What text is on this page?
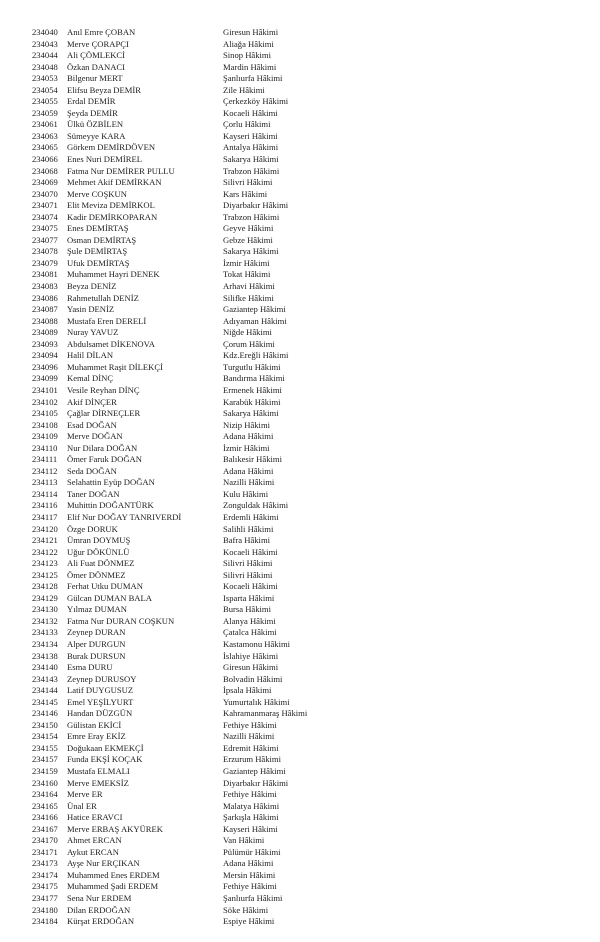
234040	Anıl Emre ÇOBAN	Giresun Hâkimi
234043	Merve ÇORAPÇI	Aliağa Hâkimi
234044	Ali ÇÖMLEKCİ	Sinop Hâkimi
234048	Özkan DANACI	Mardin Hâkimi
234053	Bilgenur MERT	Şanlıurfa Hâkimi
234054	Elifsu Beyza DEMİR	Zile Hâkimi
234055	Erdal DEMİR	Çerkezköy Hâkimi
234059	Şeyda DEMİR	Kocaeli Hâkimi
234061	Ülkü ÖZBİLEN	Çorlu Hâkimi
234063	Sümeyye KARA	Kayseri Hâkimi
234065	Görkem DEMİRDÖVEN	Antalya Hâkimi
234066	Enes Nuri DEMİREL	Sakarya Hâkimi
234068	Fatma Nur DEMİRER PULLU	Trabzon Hâkimi
234069	Mehmet Akif DEMİRKAN	Silivri Hâkimi
234070	Merve COŞKUN	Kars Hâkimi
234071	Elit Meviza DEMİRKOL	Diyarbakır Hâkimi
234074	Kadir DEMİRKOPARAN	Trabzon Hâkimi
234075	Enes DEMİRTAŞ	Geyve Hâkimi
234077	Osman DEMİRTAŞ	Gebze Hâkimi
234078	Şule DEMİRTAŞ	Sakarya Hâkimi
234079	Ufuk DEMİRTAŞ	İzmir Hâkimi
234081	Muhammet Hayri DENEK	Tokat Hâkimi
234083	Beyza DENİZ	Arhavi Hâkimi
234086	Rahmetullah DENİZ	Silifke Hâkimi
234087	Yasin DENİZ	Gaziantep Hâkimi
234088	Mustafa Eren DERELİ	Adıyaman Hâkimi
234089	Nuray YAVUZ	Niğde Hâkimi
234093	Abdulsamet DİKENOVA	Çorum Hâkimi
234094	Halil DİLAN	Kdz.Ereğli Hâkimi
234096	Muhammet Raşit DİLEKÇİ	Turgutlu Hâkimi
234099	Kemal DİNÇ	Bandırma Hâkimi
234101	Vesile Reyhan DİNÇ	Ermenek Hâkimi
234102	Akif DİNÇER	Karabük Hâkimi
234105	Çağlar DİRNEÇLER	Sakarya Hâkimi
234108	Esad DOĞAN	Nizip Hâkimi
234109	Merve DOĞAN	Adana Hâkimi
234110	Nur Dilara DOĞAN	İzmir Hâkimi
234111	Ömer Faruk DOĞAN	Balıkesir Hâkimi
234112	Seda DOĞAN	Adana Hâkimi
234113	Selahattin Eyüp DOĞAN	Nazilli Hâkimi
234114	Taner DOĞAN	Kulu Hâkimi
234116	Muhittin DOĞANTÜRK	Zonguldak Hâkimi
234117	Elif Nur DOĞAY TANRIVERDİ	Erdemli Hâkimi
234120	Özge DORUK	Salihli Hâkimi
234121	Ümran DOYMUŞ	Bafra Hâkimi
234122	Uğur DÖKÜNLÜ	Kocaeli Hâkimi
234123	Ali Fuat DÖNMEZ	Silivri Hâkimi
234125	Ömer DÖNMEZ	Silivri Hâkimi
234128	Ferhat Utku DUMAN	Kocaeli Hâkimi
234129	Gülcan DUMAN BALA	Isparta Hâkimi
234130	Yılmaz DUMAN	Bursa Hâkimi
234132	Fatma Nur DURAN COŞKUN	Alanya Hâkimi
234133	Zeynep DURAN	Çatalca Hâkimi
234134	Alper DURGUN	Kastamonu Hâkimi
234138	Burak DURSUN	İslahiye Hâkimi
234140	Esma DURU	Giresun Hâkimi
234143	Zeynep DURUSOY	Bolvadin Hâkimi
234144	Latif DUYGUSUZ	İpsala Hâkimi
234145	Emel YEŞİLYURT	Yumurtalık Hâkimi
234146	Handan DÜZGÜN	Kahramanmaraş Hâkimi
234150	Gülistan EKİCİ	Fethiye Hâkimi
234154	Emre Eray EKİZ	Nazilli Hâkimi
234155	Doğukaan EKMEKÇİ	Edremit Hâkimi
234157	Funda EKŞİ KOÇAK	Erzurum Hâkimi
234159	Mustafa ELMALI	Gaziantep Hâkimi
234160	Merve EMEKSİZ	Diyarbakır Hâkimi
234164	Merve ER	Fethiye Hâkimi
234165	Ünal ER	Malatya Hâkimi
234166	Hatice ERAVCI	Şarkışla Hâkimi
234167	Merve ERBAŞ AKYÜREK	Kayseri Hâkimi
234170	Ahmet ERCAN	Van Hâkimi
234171	Aykut ERCAN	Pülümür Hâkimi
234173	Ayşe Nur ERÇIKAN	Adana Hâkimi
234174	Muhammed Enes ERDEM	Mersin Hâkimi
234175	Muhammed Şadi ERDEM	Fethiye Hâkimi
234177	Sena Nur ERDEM	Şanlıurfa Hâkimi
234180	Dilan ERDOĞAN	Söke Hâkimi
234184	Kürşat ERDOĞAN	Espiye Hâkimi
